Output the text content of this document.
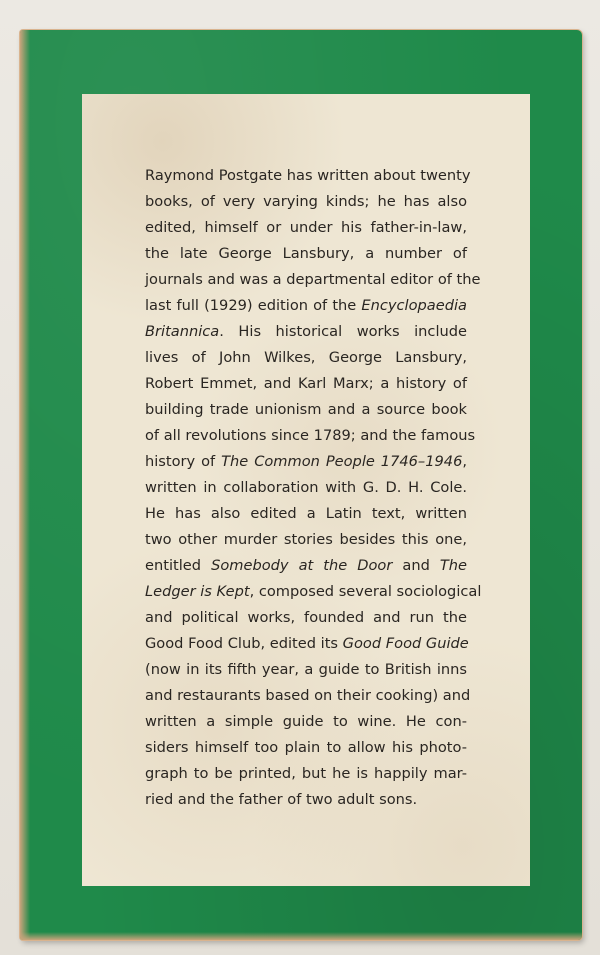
Raymond Postgate has written about twenty
books, of very varying kinds; he has also
edited, himself or under his father-in-law,
the late George Lansbury, a number of
journals and was a departmental editor of the
last full (1929) edition of the Encyclopaedia
Britannica. His historical works include
lives of John Wilkes, George Lansbury,
Robert Emmet, and Karl Marx; a history of
building trade unionism and a source book
of all revolutions since 1789; and the famous
history of The Common People 1746–1946,
written in collaboration with G. D. H. Cole.
He has also edited a Latin text, written
two other murder stories besides this one,
entitled Somebody at the Door and The
Ledger is Kept, composed several sociological
and political works, founded and run the
Good Food Club, edited its Good Food Guide
(now in its fifth year, a guide to British inns
and restaurants based on their cooking) and
written a simple guide to wine. He con-
siders himself too plain to allow his photo-
graph to be printed, but he is happily mar-
ried and the father of two adult sons.
